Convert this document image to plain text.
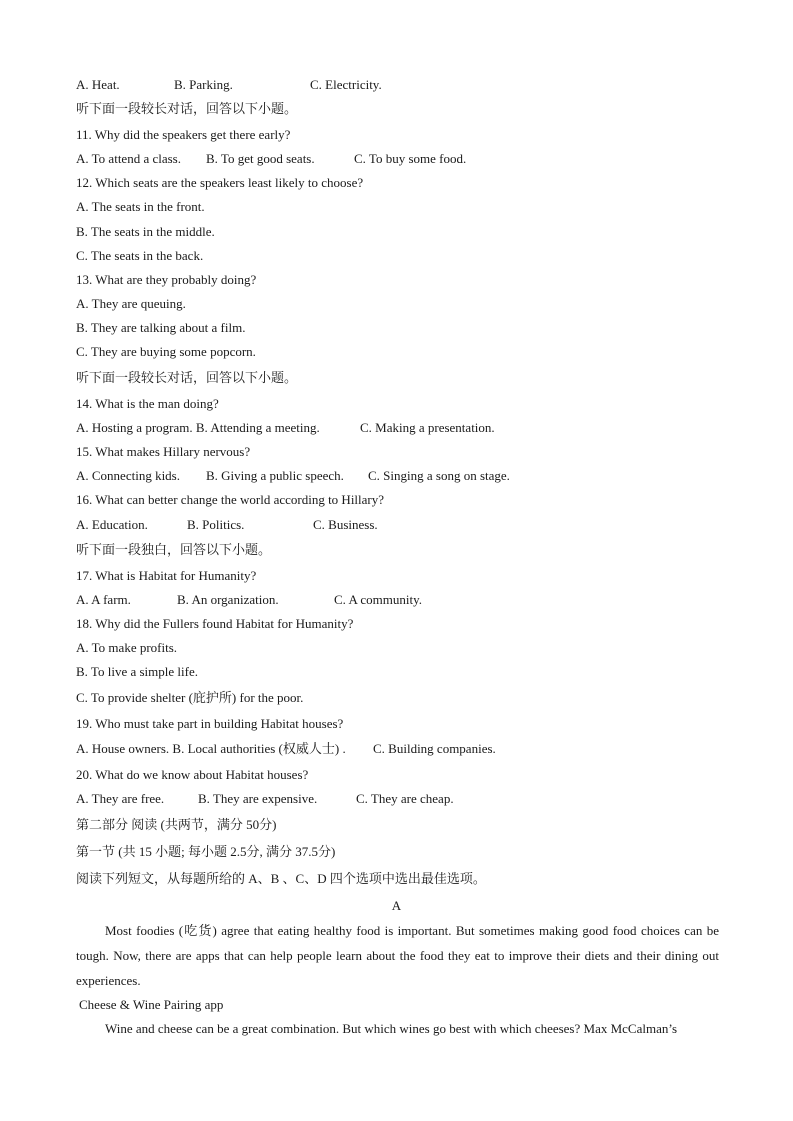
A. Heat.	B. Parking.	C. Electricity.
听下面一段较长对话，回答以下小题。
11. Why did the speakers get there early?
A. To attend a class. B. To get good seats.	C. To buy some food.
12. Which seats are the speakers least likely to choose?
A. The seats in the front.
B. The seats in the middle.
C. The seats in the back.
13. What are they probably doing?
A. They are queuing.
B. They are talking about a film.
C. They are buying some popcorn.
听下面一段较长对话，回答以下小题。
14. What is the man doing?
A. Hosting a program. B. Attending a meeting.	C. Making a presentation.
15. What makes Hillary nervous?
A. Connecting kids. B. Giving a public speech. C. Singing a song on stage.
16. What can better change the world according to Hillary?
A. Education.	B. Politics.	C. Business.
听下面一段独白，回答以下小题。
17. What is Habitat for Humanity?
A. A farm.	B. An organization.	C. A community.
18. Why did the Fullers found Habitat for Humanity?
A. To make profits.
B. To live a simple life.
C. To provide shelter (庇护所) for the poor.
19. Who must take part in building Habitat houses?
A. House owners. B. Local authorities (权威人士) . C. Building companies.
20. What do we know about Habitat houses?
A. They are free.	B. They are expensive.	C. They are cheap.
第二部分 阅读 (共两节，满分 50分)
第一节 (共 15 小题; 每小题 2.5分, 满分 37.5分)
阅读下列短文，从每题所给的 A、B 、C、D 四个选项中选出最佳选项。
A
Most foodies (吃货) agree that eating healthy food is important. But sometimes making good food choices can be tough. Now, there are apps that can help people learn about the food they eat to improve their diets and their dining out experiences.
Cheese & Wine Pairing app
Wine and cheese can be a great combination. But which wines go best with which cheeses? Max McCalman’s
